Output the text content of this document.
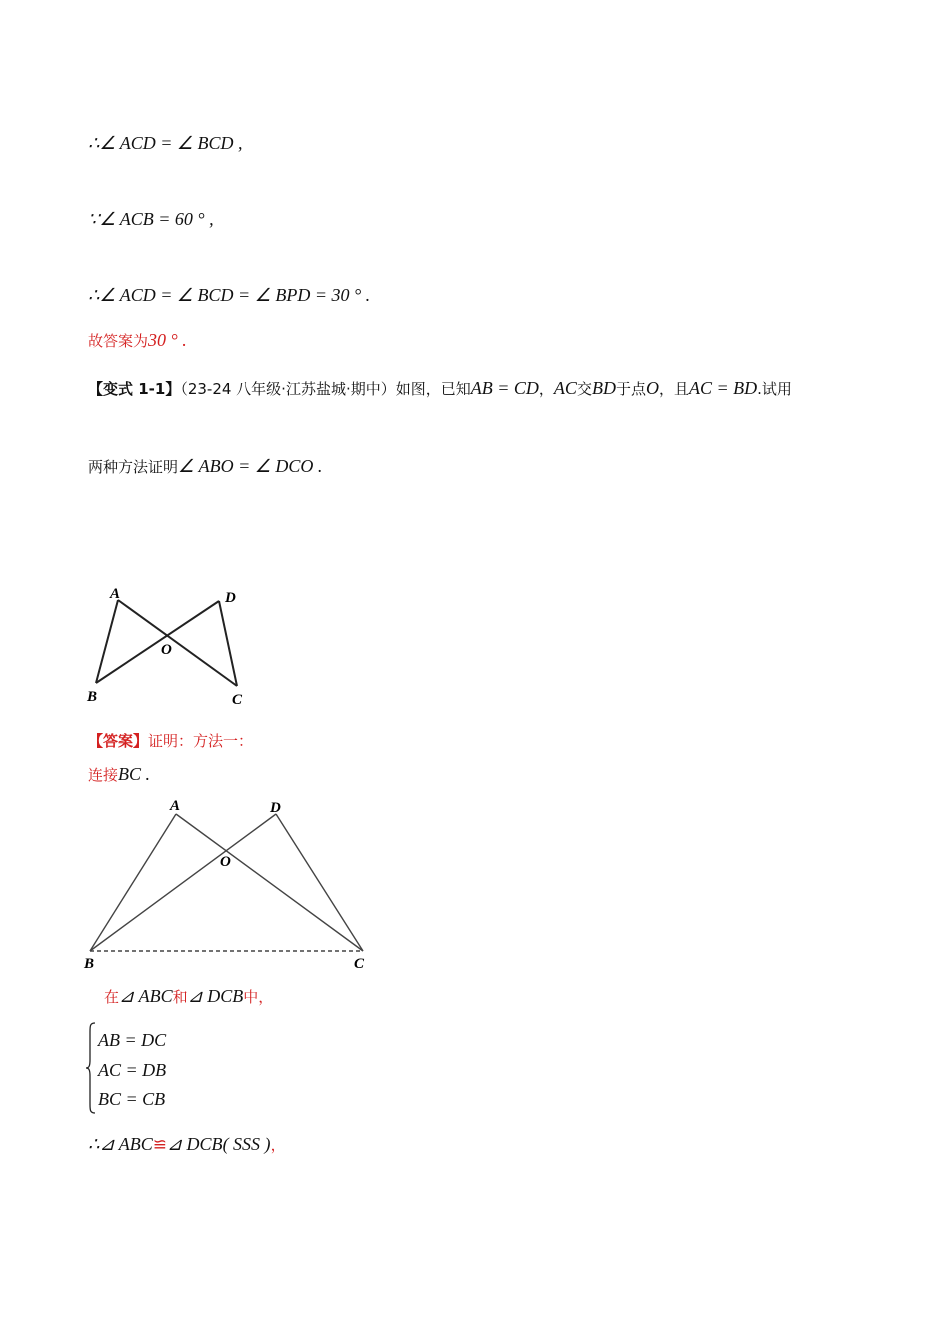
∴∠ ACD = ∠ BCD ,
∵∠ ACB = 60 ° ,
∴∠ ACD = ∠ BCD = ∠ BPD = 30 ° .
故答案为30 ° .
【变式 1-1】（23-24 八年级·江苏盐城·期中）如图，已知AB = CD，AC交BD于点O，且AC = BD.试用
两种方法证明∠ ABO = ∠ DCO .
A	D
O
B	C
【答案】证明：方法一：
连接BC .
A	D
O
B	C
在⊿ ABC和⊿ DCB中，
AB = DC
AC = DB
BC = CB
∴⊿ ABC≌⊿ DCB( SSS )，
